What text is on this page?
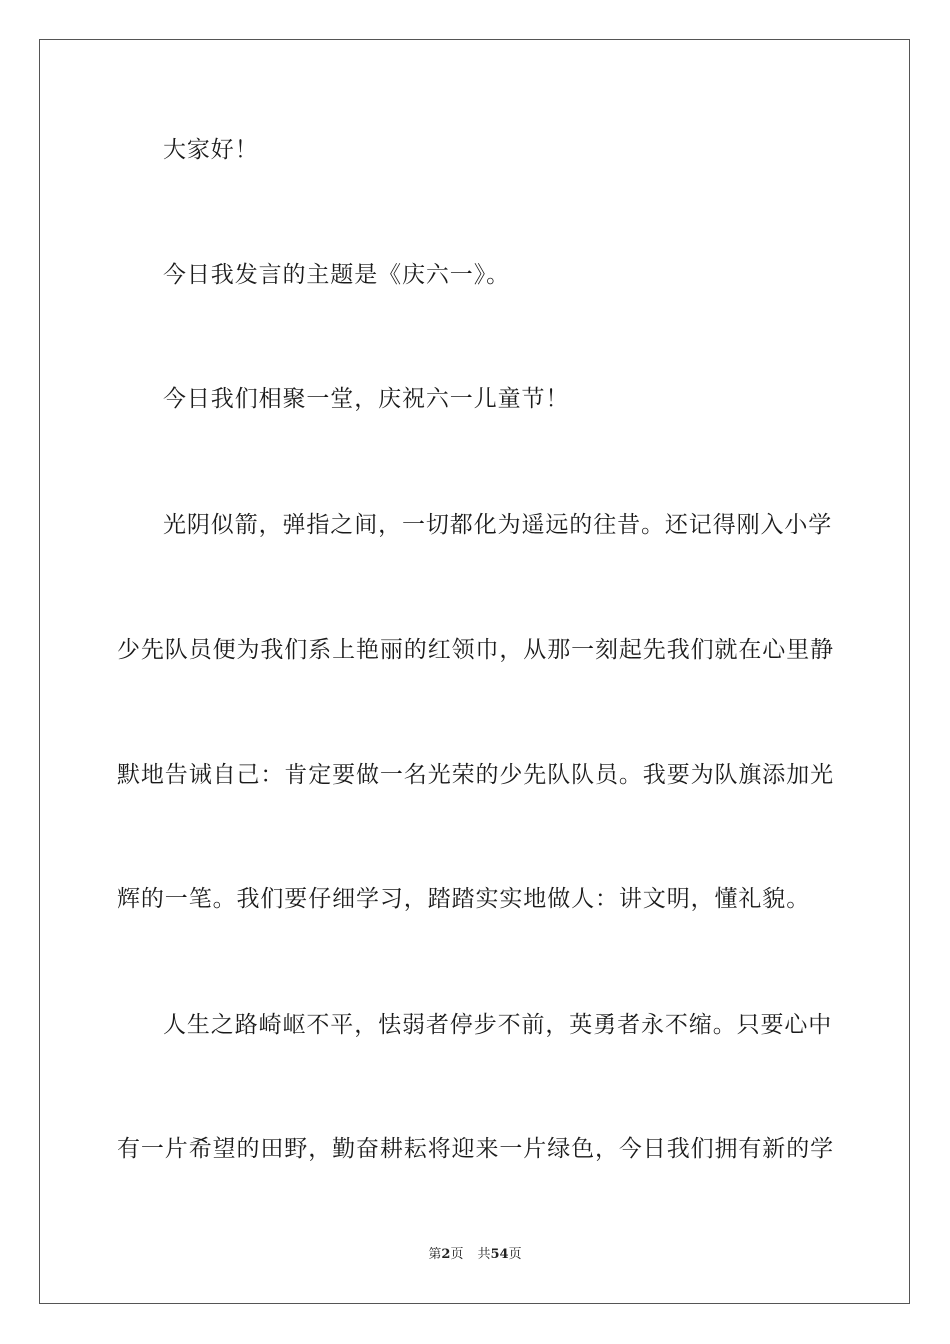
大家好！
今日我发言的主题是《庆六一》。
今日我们相聚一堂，庆祝六一儿童节！
光阴似箭，弹指之间，一切都化为遥远的往昔。还记得刚入小学
少先队员便为我们系上艳丽的红领巾，从那一刻起先我们就在心里静
默地告诫自己：肯定要做一名光荣的少先队队员。我要为队旗添加光
辉的一笔。我们要仔细学习，踏踏实实地做人：讲文明，懂礼貌。
人生之路崎岖不平，怯弱者停步不前，英勇者永不缩。只要心中
有一片希望的田野，勤奋耕耘将迎来一片绿色，今日我们拥有新的学
第2页 共54页
